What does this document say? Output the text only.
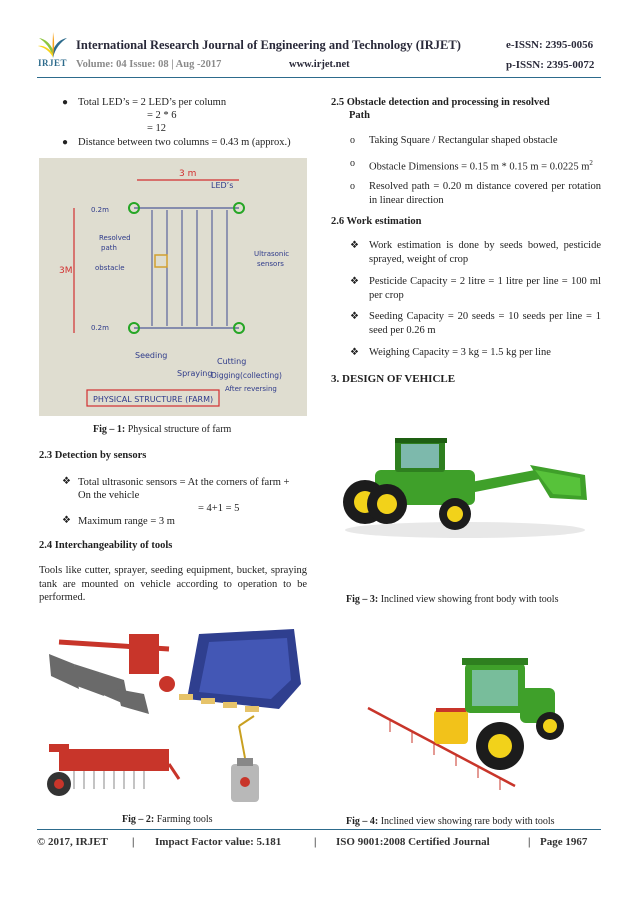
IRJET
International Research Journal of Engineering and Technology (IRJET)	e-ISSN: 2395-0056
Volume: 04 Issue: 08 | Aug -2017	www.irjet.net	p-ISSN: 2395-0072
● Total LED’s = 2 LED’s per column
= 2 * 6
= 12
● Distance between two columns = 0.43 m (approx.)
3 m
3M
LED’s
0.2m
0.2m
Resolved
path
obstacle
Ultrasonic
sensors
Seeding
Spraying
Cutting
Digging(collecting)
After reversing
PHYSICAL STRUCTURE (FARM)
Fig – 1: Physical structure of farm
2.3 Detection by sensors
❖ Total ultrasonic sensors = At the corners of farm +
On the vehicle
= 4+1 = 5
❖ Maximum range = 3 m
2.4 Interchangeability of tools
Tools like cutter, sprayer, seeding equipment, bucket, spraying tank are mounted on vehicle according to operation to be performed.
Fig – 2: Farming tools
2.5 Obstacle detection and processing in resolved
Path
o Taking Square / Rectangular shaped obstacle
o Obstacle Dimensions = 0.15 m * 0.15 m = 0.0225 $m^2$
o Resolved path = 0.20 m distance covered per rotation in linear direction
2.6 Work estimation
❖ Work estimation is done by seeds bowed, pesticide sprayed, weight of crop
❖ Pesticide Capacity = 2 litre = 1 litre per line = 100 ml per crop
❖ Seeding Capacity = 20 seeds = 10 seeds per line = 1 seed per 0.26 m
❖ Weighing Capacity = 3 kg = 1.5 kg per line
3. DESIGN OF VEHICLE
Fig – 3: Inclined view showing front body with tools
Fig – 4: Inclined view showing rare body with tools
© 2017, IRJET | Impact Factor value: 5.181	| ISO 9001:2008 Certified Journal	| Page 1967
